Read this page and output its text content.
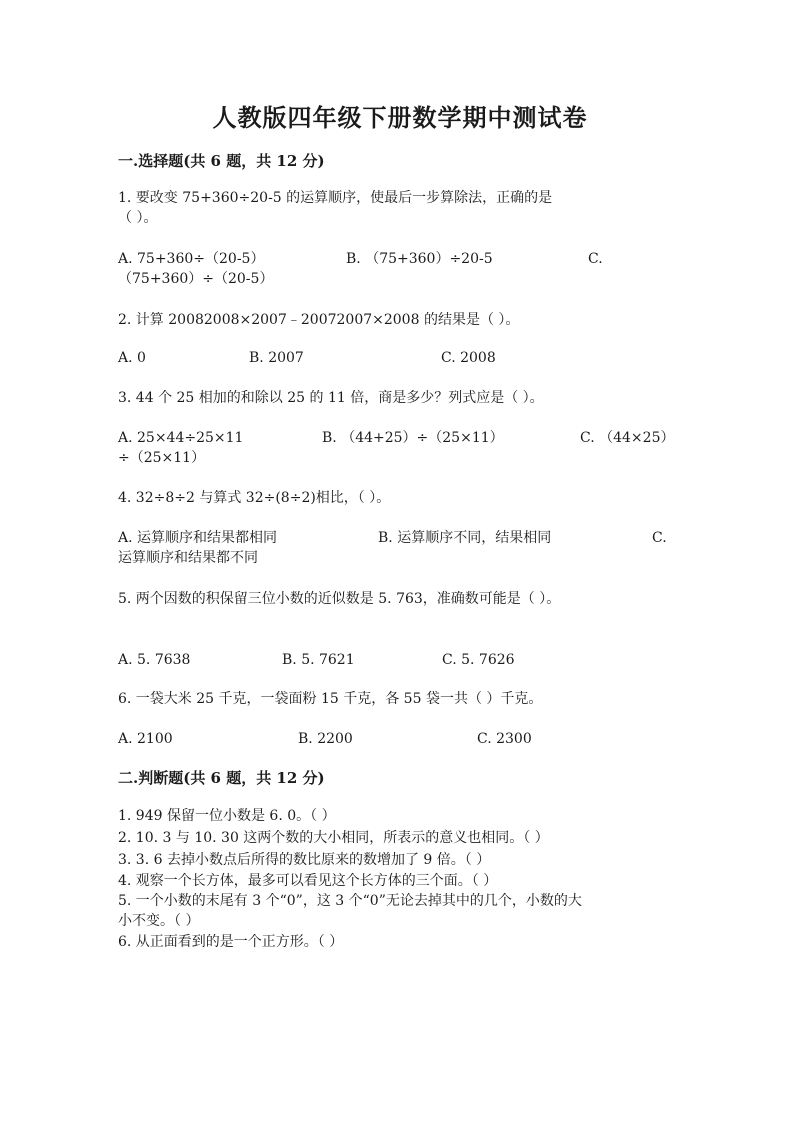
人教版四年级下册数学期中测试卷
一.选择题(共 6 题，共 12 分)
1. 要改变 75+360÷20-5 的运算顺序，使最后一步算除法，正确的是
（ ）。
A. 75+360÷（20-5）	B. （75+360）÷20-5	C.
（75+360）÷（20-5）
2. 计算 20082008×2007﹣20072007×2008 的结果是（ ）。
A. 0	B. 2007	C. 2008
3. 44 个 25 相加的和除以 25 的 11 倍，商是多少？列式应是（ ）。
A. 25×44÷25×11	B. （44+25）÷（25×11）	C. （44×25）
÷（25×11）
4. 32÷8÷2 与算式 32÷(8÷2)相比，（ ）。
A. 运算顺序和结果都相同	B. 运算顺序不同，结果相同	C.
运算顺序和结果都不同
5. 两个因数的积保留三位小数的近似数是 5. 763，准确数可能是（ ）。
A. 5. 7638	B. 5. 7621	C. 5. 7626
6. 一袋大米 25 千克，一袋面粉 15 千克，各 55 袋一共（ ）千克。
A. 2100	B. 2200	C. 2300
二.判断题(共 6 题，共 12 分)
1. 949 保留一位小数是 6. 0。（ ）
2. 10. 3 与 10. 30 这两个数的大小相同，所表示的意义也相同。（ ）
3. 3. 6 去掉小数点后所得的数比原来的数增加了 9 倍。（ ）
4. 观察一个长方体，最多可以看见这个长方体的三个面。（ ）
5. 一个小数的末尾有 3 个“0”，这 3 个“0”无论去掉其中的几个，小数的大
小不变。（ ）
6. 从正面看到的是一个正方形。（ ）
